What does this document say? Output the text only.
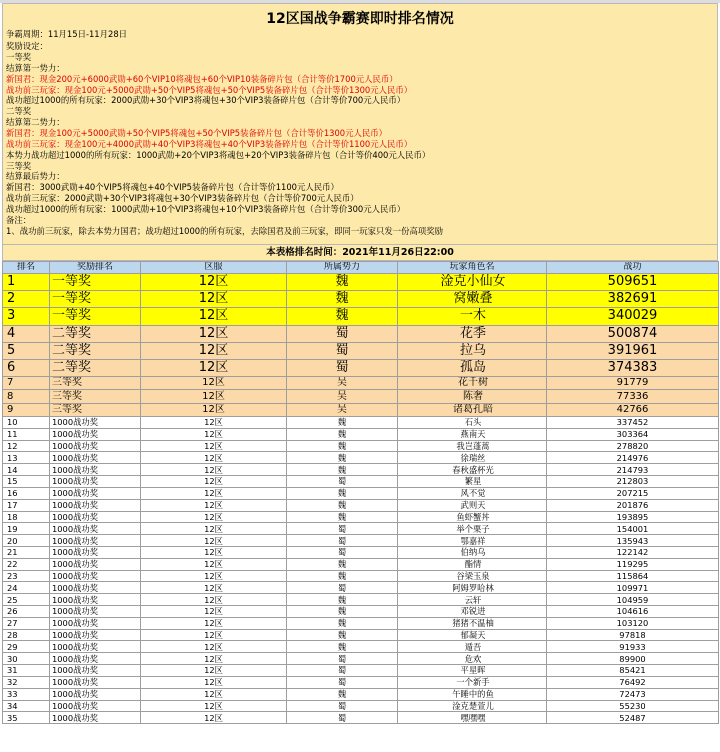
12区国战争霸赛即时排名情况
争霸周期：11月15日-11月28日
奖励设定：
一等奖
结算第一势力：
新国君：现金200元+6000武勋+60个VIP10将魂包+60个VIP10装备碎片包（合计等价1700元人民币）
战功前三玩家：现金100元+5000武勋+50个VIP5将魂包+50个VIP5装备碎片包（合计等价1300元人民币）
战功超过1000的所有玩家：2000武勋+30个VIP3将魂包+30个VIP3装备碎片包（合计等价700元人民币）
二等奖
结算第二势力：
新国君：现金100元+5000武勋+50个VIP5将魂包+50个VIP5装备碎片包（合计等价1300元人民币）
战功前三玩家：现金100元+4000武勋+40个VIP3将魂包+40个VIP3装备碎片包（合计等价1100元人民币）
本势力战功超过1000的所有玩家：1000武勋+20个VIP3将魂包+20个VIP3装备碎片包（合计等价400元人民币）
三等奖
结算最后势力：
新国君：3000武勋+40个VIP5将魂包+40个VIP5装备碎片包（合计等价1100元人民币）
战功前三玩家：2000武勋+30个VIP3将魂包+30个VIP3装备碎片包（合计等价700元人民币）
战功超过1000的所有玩家：1000武勋+10个VIP3将魂包+10个VIP3装备碎片包（合计等价300元人民币）
备注：
1、战功前三玩家，除去本势力国君；战功超过1000的所有玩家，去除国君及前三玩家，即同一玩家只发一份高项奖励
本表格排名时间：2021年11月26日22:00
排名	奖励排名	区服	所属势力	玩家角色名	战功
1	一等奖	12区	魏	淦克小仙女	509651
2	一等奖	12区	魏	窝嫩叠	382691
3	一等奖	12区	魏	一木	340029
4	二等奖	12区	蜀	花季	500874
5	二等奖	12区	蜀	拉乌	391961
6	二等奖	12区	蜀	孤岛	374383
7	三等奖	12区	吴	花千树	91779
8	三等奖	12区	吴	陈奢	77336
9	三等奖	12区	吴	诸葛孔暗	42766
10	1000战功奖	12区	魏	石头	337452
11	1000战功奖	12区	魏	燕南天	303364
12	1000战功奖	12区	魏	我岂蓬蒿	278820
13	1000战功奖	12区	魏	徐瑞丝	214976
14	1000战功奖	12区	魏	春秋盛杯光	214793
15	1000战功奖	12区	蜀	繁星	212803
16	1000战功奖	12区	魏	风不觉	207215
17	1000战功奖	12区	魏	武则天	201876
18	1000战功奖	12区	魏	鱼虾蟹丼	193895
19	1000战功奖	12区	蜀	举个栗子	154001
20	1000战功奖	12区	蜀	鄂嘉祥	135943
21	1000战功奖	12区	蜀	伯纳乌	122142
22	1000战功奖	12区	魏	酯情	119295
23	1000战功奖	12区	魏	谷梁玉泉	115864
24	1000战功奖	12区	蜀	阿姆罗哈林	109971
25	1000战功奖	12区	魏	云轩	104959
26	1000战功奖	12区	魏	邓锐进	104616
27	1000战功奖	12区	魏	猪猪不温柚	103120
28	1000战功奖	12区	魏	郁凝天	97818
29	1000战功奖	12区	魏	遁吾	91933
30	1000战功奖	12区	蜀	危欢	89900
31	1000战功奖	12区	蜀	平星晖	85421
32	1000战功奖	12区	蜀	一个新手	76492
33	1000战功奖	12区	魏	午睡中的鱼	72473
34	1000战功奖	12区	蜀	淦克楚萱儿	55230
35	1000战功奖	12区	蜀	嘿嘿嘿	52487
